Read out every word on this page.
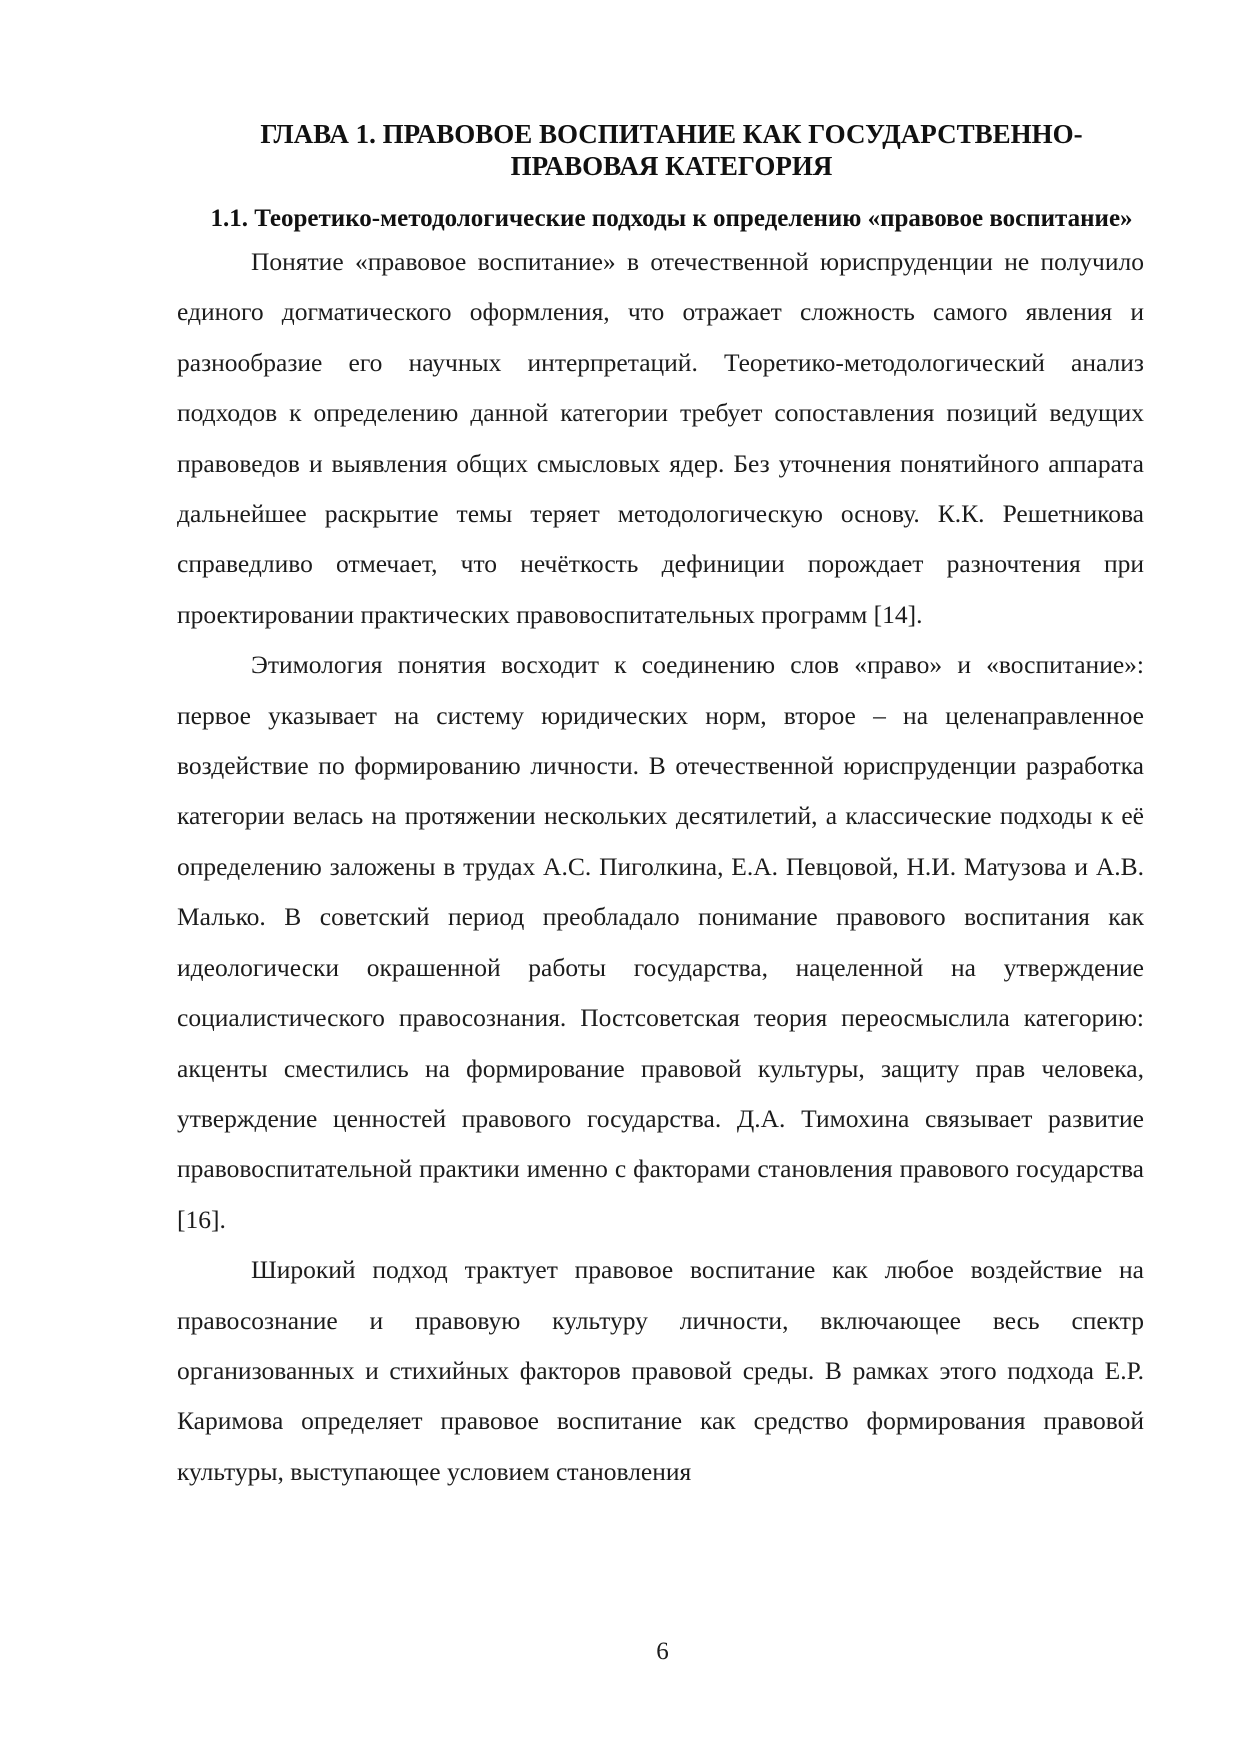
ГЛАВА 1. ПРАВОВОЕ ВОСПИТАНИЕ КАК ГОСУДАРСТВЕННО-ПРАВОВАЯ КАТЕГОРИЯ
1.1. Теоретико-методологические подходы к определению «правовое воспитание»

Понятие «правовое воспитание» в отечественной юриспруденции не получило единого догматического оформления, что отражает сложность самого явления и разнообразие его научных интерпретаций. Теоретико-методологический анализ подходов к определению данной категории требует сопоставления позиций ведущих правоведов и выявления общих смысловых ядер. Без уточнения понятийного аппарата дальнейшее раскрытие темы теряет методологическую основу. К.К. Решетникова справедливо отмечает, что нечёткость дефиниции порождает разночтения при проектировании практических правовоспитательных программ [14].

Этимология понятия восходит к соединению слов «право» и «воспитание»: первое указывает на систему юридических норм, второе – на целенаправленное воздействие по формированию личности. В отечественной юриспруденции разработка категории велась на протяжении нескольких десятилетий, а классические подходы к её определению заложены в трудах А.С. Пиголкина, Е.А. Певцовой, Н.И. Матузова и А.В. Малько. В советский период преобладало понимание правового воспитания как идеологически окрашенной работы государства, нацеленной на утверждение социалистического правосознания. Постсоветская теория переосмыслила категорию: акценты сместились на формирование правовой культуры, защиту прав человека, утверждение ценностей правового государства. Д.А. Тимохина связывает развитие правовоспитательной практики именно с факторами становления правового государства [16].

Широкий подход трактует правовое воспитание как любое воздействие на правосознание и правовую культуру личности, включающее весь спектр организованных и стихийных факторов правовой среды. В рамках этого подхода Е.Р. Каримова определяет правовое воспитание как средство формирования правовой культуры, выступающее условием становления

6
